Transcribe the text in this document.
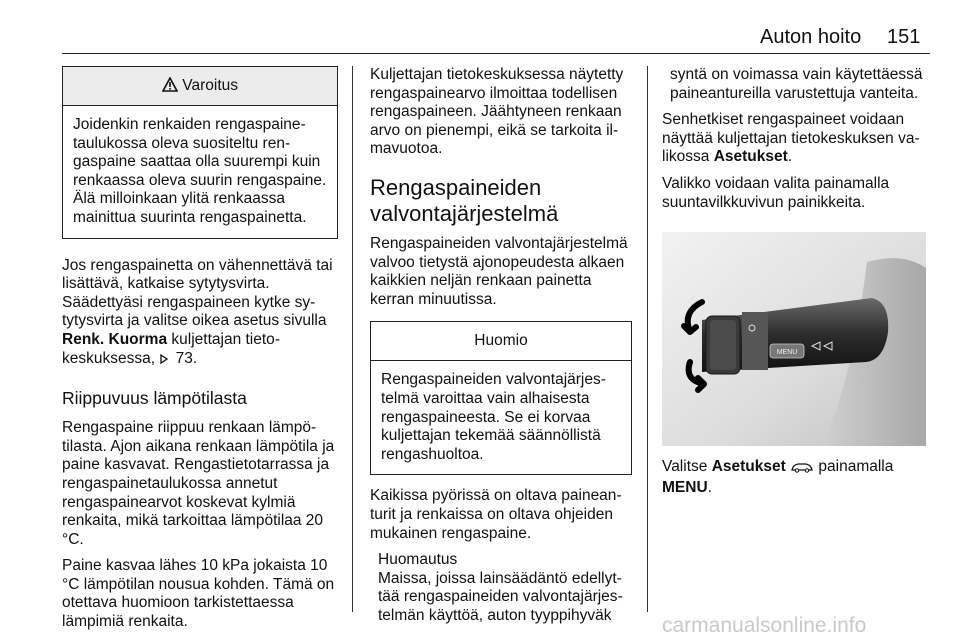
Auton hoito 151
Varoitus
Joidenkin renkaiden rengaspainetaulukossa oleva suositeltu rengaspaine saattaa olla suurempi kuin renkaassa oleva suurin rengaspaine. Älä milloinkaan ylitä renkaassa mainittua suurinta rengaspainetta.

Jos rengaspainetta on vähennettävä tai lisättävä, katkaise sytytysvirta. Säädettyäsi rengaspaineen kytke sytytysvirta ja valitse oikea asetus sivulla Renk. Kuorma kuljettajan tietokeskuksessa,  73.

Riippuvuus lämpötilasta

Rengaspaine riippuu renkaan lämpötilasta. Ajon aikana renkaan lämpötila ja paine kasvavat. Rengastietotarrassa ja rengaspainetaulukossa annetut rengaspainearvot koskevat kylmiä renkaita, mikä tarkoittaa lämpötilaa 20 °C.

Paine kasvaa lähes 10 kPa jokaista 10 °C lämpötilan nousua kohden. Tämä on otettava huomioon tarkistettaessa lämpimiä renkaita.

Kuljettajan tietokeskuksessa näytetty rengaspainearvo ilmoittaa todellisen rengaspaineen. Jäähtyneen renkaan arvo on pienempi, eikä se tarkoita ilmavuotoa.

Rengaspaineiden valvontajärjestelmä

Rengaspaineiden valvontajärjestelmä valvoo tietystä ajonopeudesta alkaen kaikkien neljän renkaan painetta kerran minuutissa.

Huomio
Rengaspaineiden valvontajärjestelmä varoittaa vain alhaisesta rengaspaineesta. Se ei korvaa kuljettajan tekemää säännöllistä rengashuoltoa.

Kaikissa pyörissä on oltava paineanturit ja renkaissa on oltava ohjeiden mukainen rengaspaine.

Huomautus
Maissa, joissa lainsäädäntö edellyttää rengaspaineiden valvontajärjestelmän käyttöä, auton tyyppihyväk

syntä on voimassa vain käytettäessä paineantureilla varustettuja vanteita.

Senhetkiset rengaspaineet voidaan näyttää kuljettajan tietokeskuksen valikossa Asetukset.

Valikko voidaan valita painamalla suuntavilkkuvivun painikkeita.

MENU

Valitse Asetukset  painamalla MENU.

carmanualsonline.info
